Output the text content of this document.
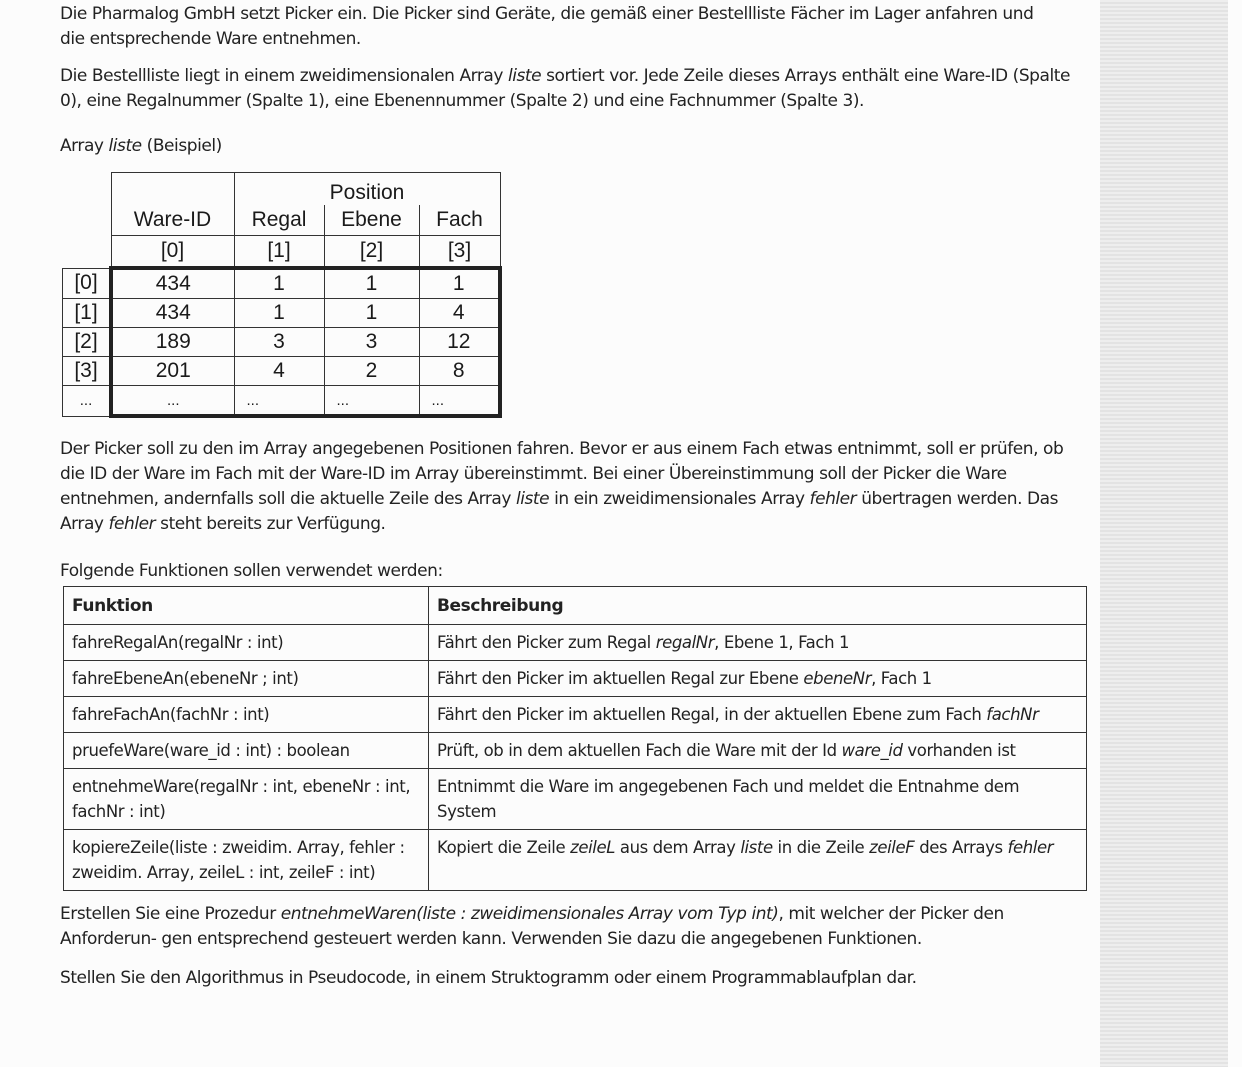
Die Pharmalog GmbH setzt Picker ein. Die Picker sind Geräte, die gemäß einer Bestellliste Fächer im Lager anfahren und die entsprechende Ware entnehmen.

Die Bestellliste liegt in einem zweidimensionalen Array liste sortiert vor. Jede Zeile dieses Arrays enthält eine Ware-ID (Spalte 0), eine Regalnummer (Spalte 1), eine Ebenennummer (Spalte 2) und eine Fachnummer (Spalte 3).

Array liste (Beispiel)

		Position		
	Ware-ID	Regal	Ebene	Fach
	[0]	[1]	[2]	[3]
[0]	434	1	1	1
[1]	434	1	1	4
[2]	189	3	3	12
[3]	201	4	2	8
...	...	...	...	...

Der Picker soll zu den im Array angegebenen Positionen fahren. Bevor er aus einem Fach etwas entnimmt, soll er prüfen, ob die ID der Ware im Fach mit der Ware-ID im Array übereinstimmt. Bei einer Übereinstimmung soll der Picker die Ware entnehmen, andernfalls soll die aktuelle Zeile des Array liste in ein zweidimensionales Array fehler übertragen werden. Das Array fehler steht bereits zur Verfügung.

Folgende Funktionen sollen verwendet werden:

Funktion	Beschreibung
fahreRegalAn(regalNr : int)	Fährt den Picker zum Regal regalNr, Ebene 1, Fach 1
fahreEbeneAn(ebeneNr ; int)	Fährt den Picker im aktuellen Regal zur Ebene ebeneNr, Fach 1
fahreFachAn(fachNr : int)	Fährt den Picker im aktuellen Regal, in der aktuellen Ebene zum Fach fachNr
pruefeWare(ware_id : int) : boolean	Prüft, ob in dem aktuellen Fach die Ware mit der Id ware_id vorhanden ist
entnehmeWare(regalNr : int, ebeneNr : int, fachNr : int)	Entnimmt die Ware im angegebenen Fach und meldet die Entnahme dem System
kopiereZeile(liste : zweidim. Array, fehler : zweidim. Array, zeileL : int, zeileF : int)	Kopiert die Zeile zeileL aus dem Array liste in die Zeile zeileF des Arrays fehler

Erstellen Sie eine Prozedur entnehmeWaren(liste : zweidimensionales Array vom Typ int), mit welcher der Picker den Anforderun- gen entsprechend gesteuert werden kann. Verwenden Sie dazu die angegebenen Funktionen.

Stellen Sie den Algorithmus in Pseudocode, in einem Struktogramm oder einem Programmablaufplan dar.
